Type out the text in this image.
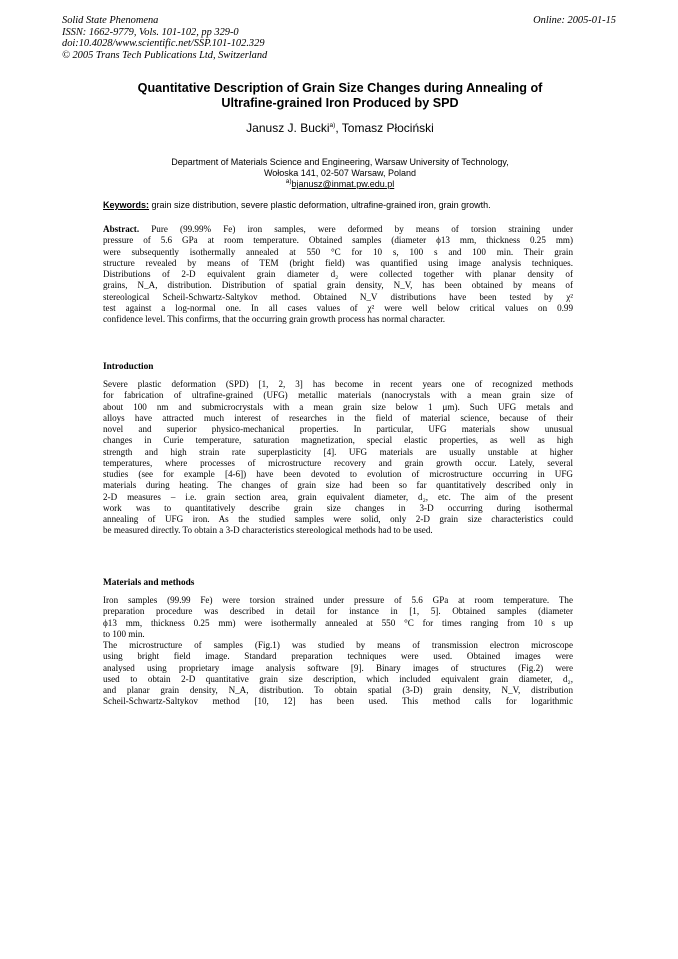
Solid State Phenomena
ISSN: 1662-9779, Vols. 101-102, pp 329-0
doi:10.4028/www.scientific.net/SSP.101-102.329
© 2005 Trans Tech Publications Ltd, Switzerland
Online: 2005-01-15
Quantitative Description of Grain Size Changes during Annealing of
Ultrafine-grained Iron Produced by SPD
Janusz J. Bucki$^{a)}$, Tomasz Płociński
Department of Materials Science and Engineering, Warsaw University of Technology,
Wołoska 141, 02-507 Warsaw, Poland
$^{a)}$bjanusz@inmat.pw.edu.pl
Keywords: grain size distribution, severe plastic deformation, ultrafine-grained iron, grain growth.
Abstract. Pure (99.99% Fe) iron samples, were deformed by means of torsion straining under
pressure of 5.6 GPa at room temperature. Obtained samples (diameter ϕ13 mm, thickness 0.25 mm)
were subsequently isothermally annealed at 550 °C for 10 s, 100 s and 100 min. Their grain
structure revealed by means of TEM (bright field) was quantified using image analysis techniques.
Distributions of 2-D equivalent grain diameter d₂ were collected together with planar density of
grains, N_A, distribution. Distribution of spatial grain density, N_V, has been obtained by means of
stereological Scheil-Schwartz-Saltykov method. Obtained N_V distributions have been tested by χ²
test against a log-normal one. In all cases values of χ² were well below critical values on 0.99
confidence level. This confirms, that the occurring grain growth process has normal character.
Introduction
Severe plastic deformation (SPD) [1, 2, 3] has become in recent years one of recognized methods
for fabrication of ultrafine-grained (UFG) metallic materials (nanocrystals with a mean grain size of
about 100 nm and submicrocrystals with a mean grain size below 1 μm). Such UFG metals and
alloys have attracted much interest of researches in the field of material science, because of their
novel and superior physico-mechanical properties. In particular, UFG materials show unusual
changes in Curie temperature, saturation magnetization, special elastic properties, as well as high
strength and high strain rate superplasticity [4]. UFG materials are usually unstable at higher
temperatures, where processes of microstructure recovery and grain growth occur. Lately, several
studies (see for example [4-6]) have been devoted to evolution of microstructure occurring in UFG
materials during heating. The changes of grain size had been so far quantitatively described only in
2-D measures – i.e. grain section area, grain equivalent diameter, d₂, etc. The aim of the present
work was to quantitatively describe grain size changes in 3-D occurring during isothermal
annealing of UFG iron. As the studied samples were solid, only 2-D grain size characteristics could
be measured directly. To obtain a 3-D characteristics stereological methods had to be used.
Materials and methods
Iron samples (99.99 Fe) were torsion strained under pressure of 5.6 GPa at room temperature. The
preparation procedure was described in detail for instance in [1, 5]. Obtained samples (diameter
ϕ13 mm, thickness 0.25 mm) were isothermally annealed at 550 °C for times ranging from 10 s up
to 100 min.
The microstructure of samples (Fig.1) was studied by means of transmission electron microscope
using bright field image. Standard preparation techniques were used. Obtained images were
analysed using proprietary image analysis software [9]. Binary images of structures (Fig.2) were
used to obtain 2-D quantitative grain size description, which included equivalent grain diameter, d₂,
and planar grain density, N_A, distribution. To obtain spatial (3-D) grain density, N_V, distribution
Scheil-Schwartz-Saltykov method [10, 12] has been used. This method calls for logarithmic
